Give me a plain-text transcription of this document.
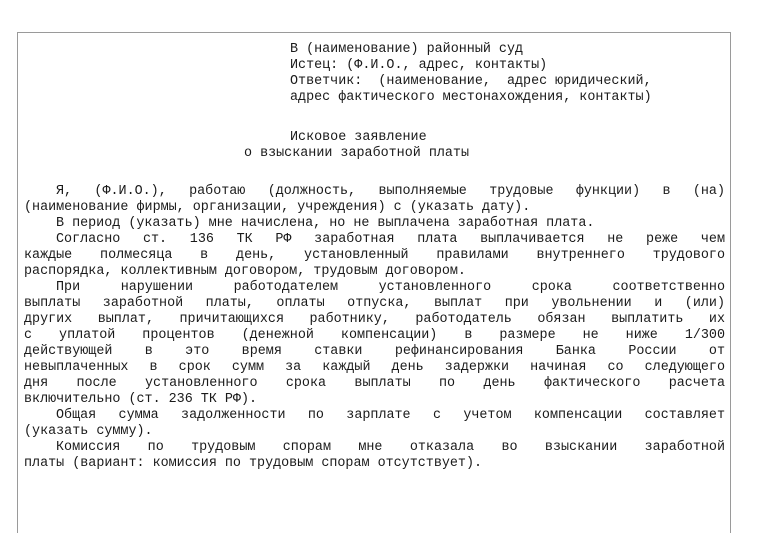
В (наименование) районный суд
Истец: (Ф.И.О., адрес, контакты)
Ответчик:  (наименование,  адрес юридический,
адрес фактического местонахождения, контакты)
Исковое заявление
о взыскании заработной платы
Я, (Ф.И.О.), работаю (должность, выполняемые трудовые функции) в (на)
(наименование фирмы, организации, учреждения) с (указать дату).
В период (указать) мне начислена, но не выплачена заработная плата.
Согласно ст. 136 ТК РФ заработная плата выплачивается не реже чем
каждые полмесяца в день, установленный правилами внутреннего трудового
распорядка, коллективным договором, трудовым договором.
При нарушении работодателем установленного срока соответственно
выплаты заработной платы, оплаты отпуска, выплат при увольнении и (или)
других выплат, причитающихся работнику, работодатель обязан выплатить их
с уплатой процентов (денежной компенсации) в размере не ниже 1/300
действующей в это время ставки рефинансирования Банка России от
невыплаченных в срок сумм за каждый день задержки начиная со следующего
дня после установленного срока выплаты по день фактического расчета
включительно (ст. 236 ТК РФ).
Общая сумма задолженности по зарплате с учетом компенсации составляет
(указать сумму).
Комиссия по трудовым спорам мне отказала во взыскании заработной
платы (вариант: комиссия по трудовым спорам отсутствует).
